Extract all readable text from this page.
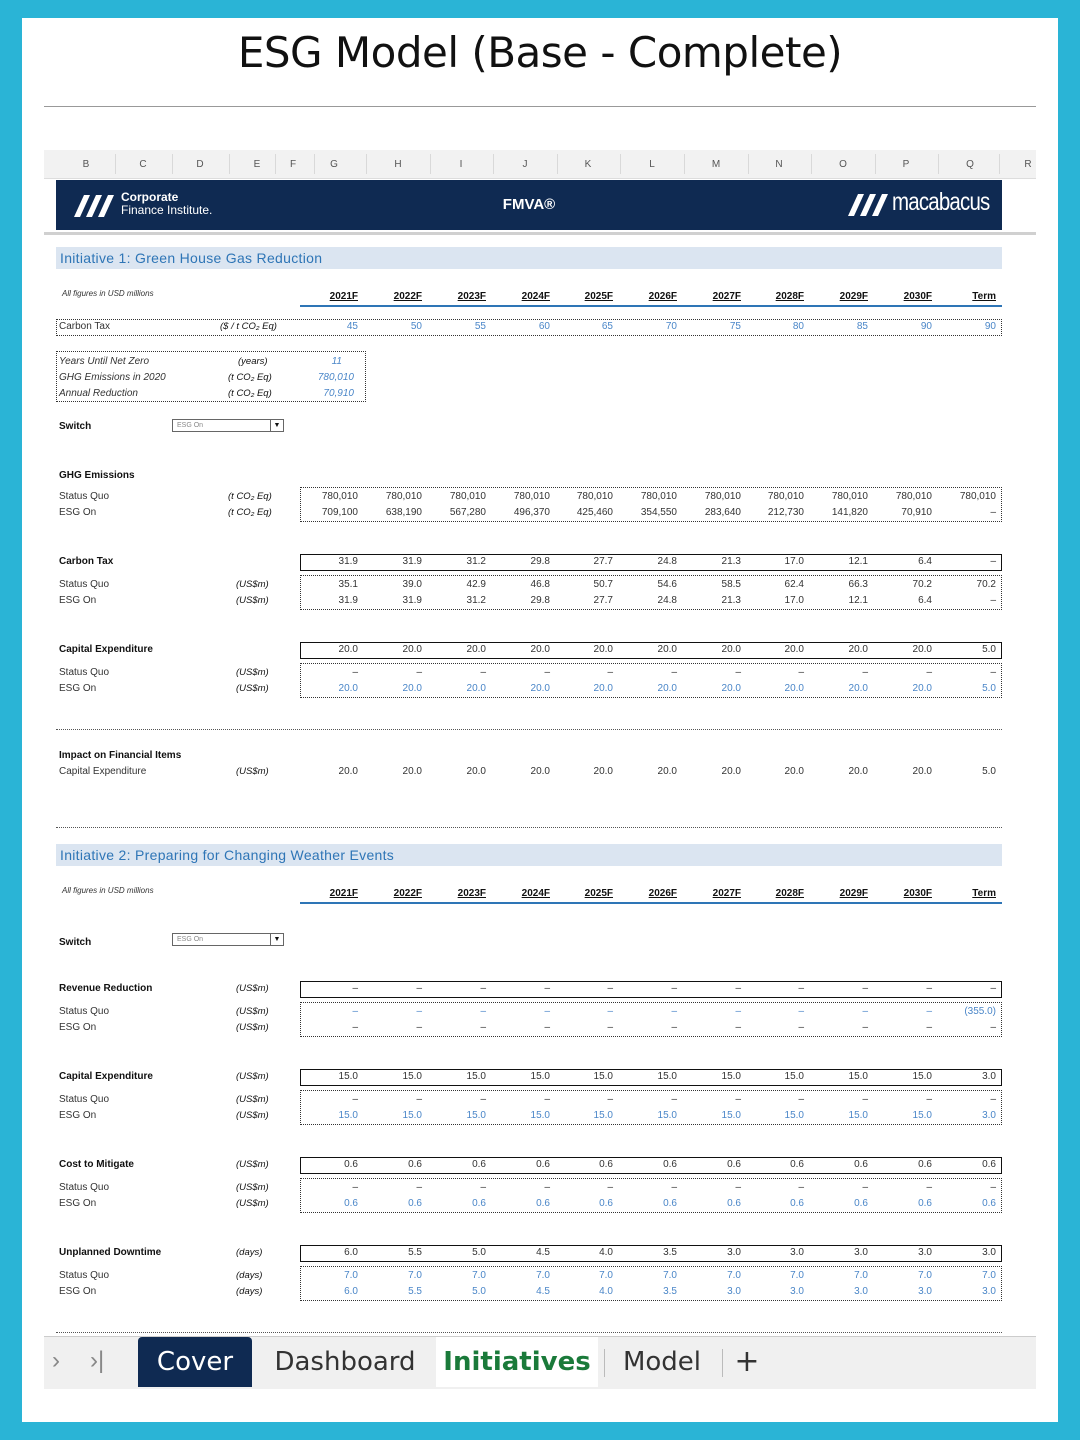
ESG Model (Base - Complete)
B	C	D	E	F	G	H	I	J	K	L	M	N	O	P	Q	R
Corporate
Finance Institute.	FMVA®	macabacus
Initiative 1: Green House Gas Reduction
All figures in USD millions	2021F	2022F	2023F	2024F	2025F	2026F	2027F	2028F	2029F	2030F	Term
Carbon Tax	($ / t CO₂ Eq)	45	50	55	60	65	70	75	80	85	90	90
Years Until Net Zero	(years)	11
GHG Emissions in 2020	(t CO₂ Eq)	780,010
Annual Reduction	(t CO₂ Eq)	70,910
Switch	ESG On	▼
GHG Emissions
Status Quo	(t CO₂ Eq)	780,010	780,010	780,010	780,010	780,010	780,010	780,010	780,010	780,010	780,010	780,010
ESG On	(t CO₂ Eq)	709,100	638,190	567,280	496,370	425,460	354,550	283,640	212,730	141,820	70,910	–
Carbon Tax	31.9	31.9	31.2	29.8	27.7	24.8	21.3	17.0	12.1	6.4	–
Status Quo	(US$m)	35.1	39.0	42.9	46.8	50.7	54.6	58.5	62.4	66.3	70.2	70.2
ESG On	(US$m)	31.9	31.9	31.2	29.8	27.7	24.8	21.3	17.0	12.1	6.4	–
Capital Expenditure	20.0	20.0	20.0	20.0	20.0	20.0	20.0	20.0	20.0	20.0	5.0
Status Quo	(US$m)	–	–	–	–	–	–	–	–	–	–	–
ESG On	(US$m)	20.0	20.0	20.0	20.0	20.0	20.0	20.0	20.0	20.0	20.0	5.0
Impact on Financial Items
Capital Expenditure	(US$m)	20.0	20.0	20.0	20.0	20.0	20.0	20.0	20.0	20.0	20.0	5.0
Initiative 2: Preparing for Changing Weather Events
All figures in USD millions	2021F	2022F	2023F	2024F	2025F	2026F	2027F	2028F	2029F	2030F	Term
Switch	ESG On	▼
Revenue Reduction	(US$m)	–	–	–	–	–	–	–	–	–	–	–
Status Quo	(US$m)	–	–	–	–	–	–	–	–	–	–	(355.0)
ESG On	(US$m)	–	–	–	–	–	–	–	–	–	–	–
Capital Expenditure	(US$m)	15.0	15.0	15.0	15.0	15.0	15.0	15.0	15.0	15.0	15.0	3.0
Status Quo	(US$m)	–	–	–	–	–	–	–	–	–	–	–
ESG On	(US$m)	15.0	15.0	15.0	15.0	15.0	15.0	15.0	15.0	15.0	15.0	3.0
Cost to Mitigate	(US$m)	0.6	0.6	0.6	0.6	0.6	0.6	0.6	0.6	0.6	0.6	0.6
Status Quo	(US$m)	–	–	–	–	–	–	–	–	–	–	–
ESG On	(US$m)	0.6	0.6	0.6	0.6	0.6	0.6	0.6	0.6	0.6	0.6	0.6
Unplanned Downtime	(days)	6.0	5.5	5.0	4.5	4.0	3.5	3.0	3.0	3.0	3.0	3.0
Status Quo	(days)	7.0	7.0	7.0	7.0	7.0	7.0	7.0	7.0	7.0	7.0	7.0
ESG On	(days)	6.0	5.5	5.0	4.5	4.0	3.5	3.0	3.0	3.0	3.0	3.0
› ›|	Cover	Dashboard Initiatives	Model	+
